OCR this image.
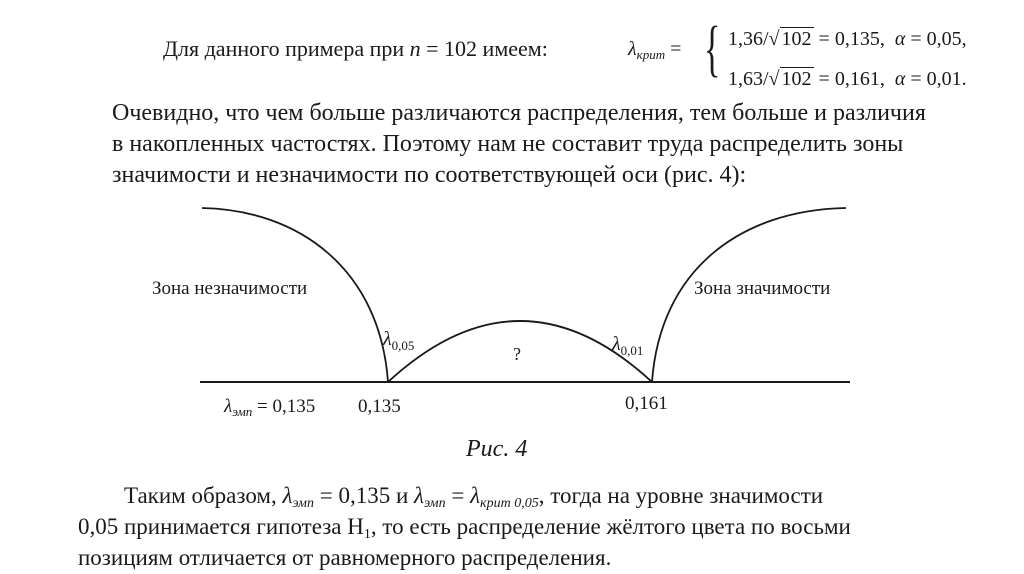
Для данного примера при n = 102 имеем:	$\lambda_{крит}$ = { 1,36/√ 102 = 0,135, α = 0,05,
1,63/√ 102 = 0,161, α = 0,01.
Очевидно, что чем больше различаются распределения, тем больше и различия
в накопленных частостях. Поэтому нам не составит труда распределить зоны
значимости и незначимости по соответствующей оси (рис. 4):
Зона незначимости	Зона значимости
$\lambda_{0,05}$	$\lambda_{0,01}$
?
$\lambda_{эмп} = 0,135$ 0,135	0,161
Рис. 4
Таким образом, $\lambda_{эмп} = 0,135$ и $\lambda_{эмп} = \lambda_{крит 0,05}$, тогда на уровне значимости
0,05 принимается гипотеза $Н_1$, то есть распределение жёлтого цвета по восьми
позициям отличается от равномерного распределения.
